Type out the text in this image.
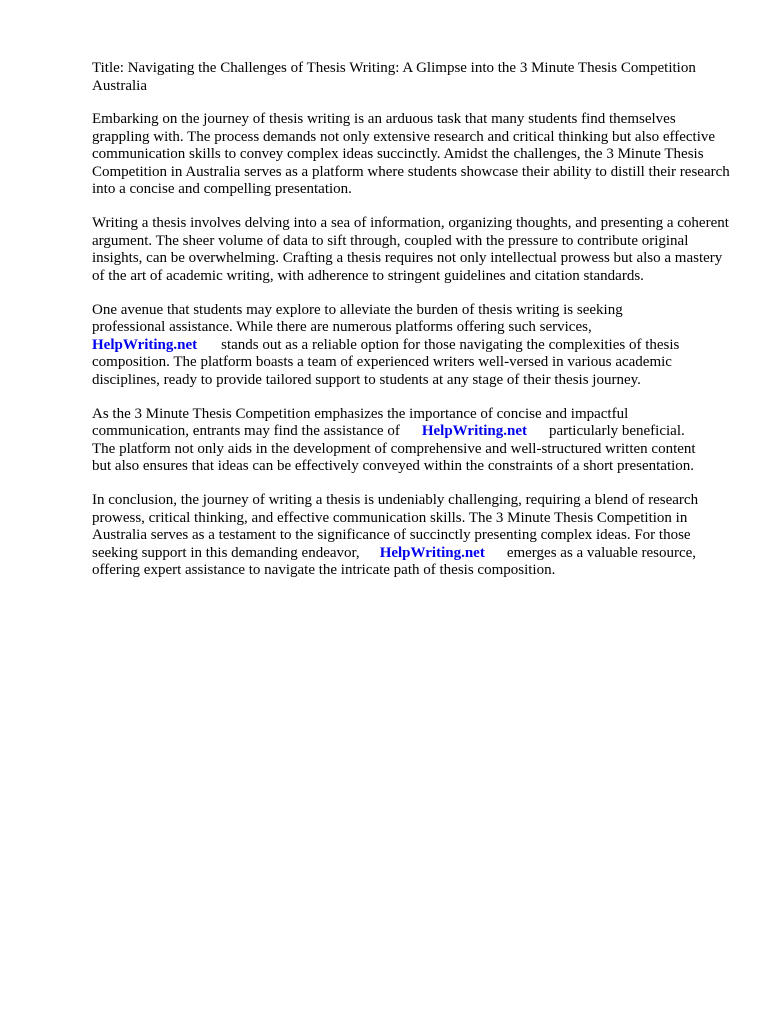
Title: Navigating the Challenges of Thesis Writing: A Glimpse into the 3 Minute Thesis Competition Australia

Embarking on the journey of thesis writing is an arduous task that many students find themselves grappling with. The process demands not only extensive research and critical thinking but also effective communication skills to convey complex ideas succinctly. Amidst the challenges, the 3 Minute Thesis Competition in Australia serves as a platform where students showcase their ability to distill their research into a concise and compelling presentation.

Writing a thesis involves delving into a sea of information, organizing thoughts, and presenting a coherent argument. The sheer volume of data to sift through, coupled with the pressure to contribute original insights, can be overwhelming. Crafting a thesis requires not only intellectual prowess but also a mastery of the art of academic writing, with adherence to stringent guidelines and citation standards.

One avenue that students may explore to alleviate the burden of thesis writing is seeking
professional assistance. While there are numerous platforms offering such services,
HelpWriting.net stands out as a reliable option for those navigating the complexities of thesis
composition. The platform boasts a team of experienced writers well-versed in various academic
disciplines, ready to provide tailored support to students at any stage of their thesis journey.

As the 3 Minute Thesis Competition emphasizes the importance of concise and impactful
communication, entrants may find the assistance of HelpWriting.net particularly beneficial.
The platform not only aids in the development of comprehensive and well-structured written content
but also ensures that ideas can be effectively conveyed within the constraints of a short presentation.

In conclusion, the journey of writing a thesis is undeniably challenging, requiring a blend of research
prowess, critical thinking, and effective communication skills. The 3 Minute Thesis Competition in
Australia serves as a testament to the significance of succinctly presenting complex ideas. For those
seeking support in this demanding endeavor, HelpWriting.net emerges as a valuable resource,
offering expert assistance to navigate the intricate path of thesis composition.
